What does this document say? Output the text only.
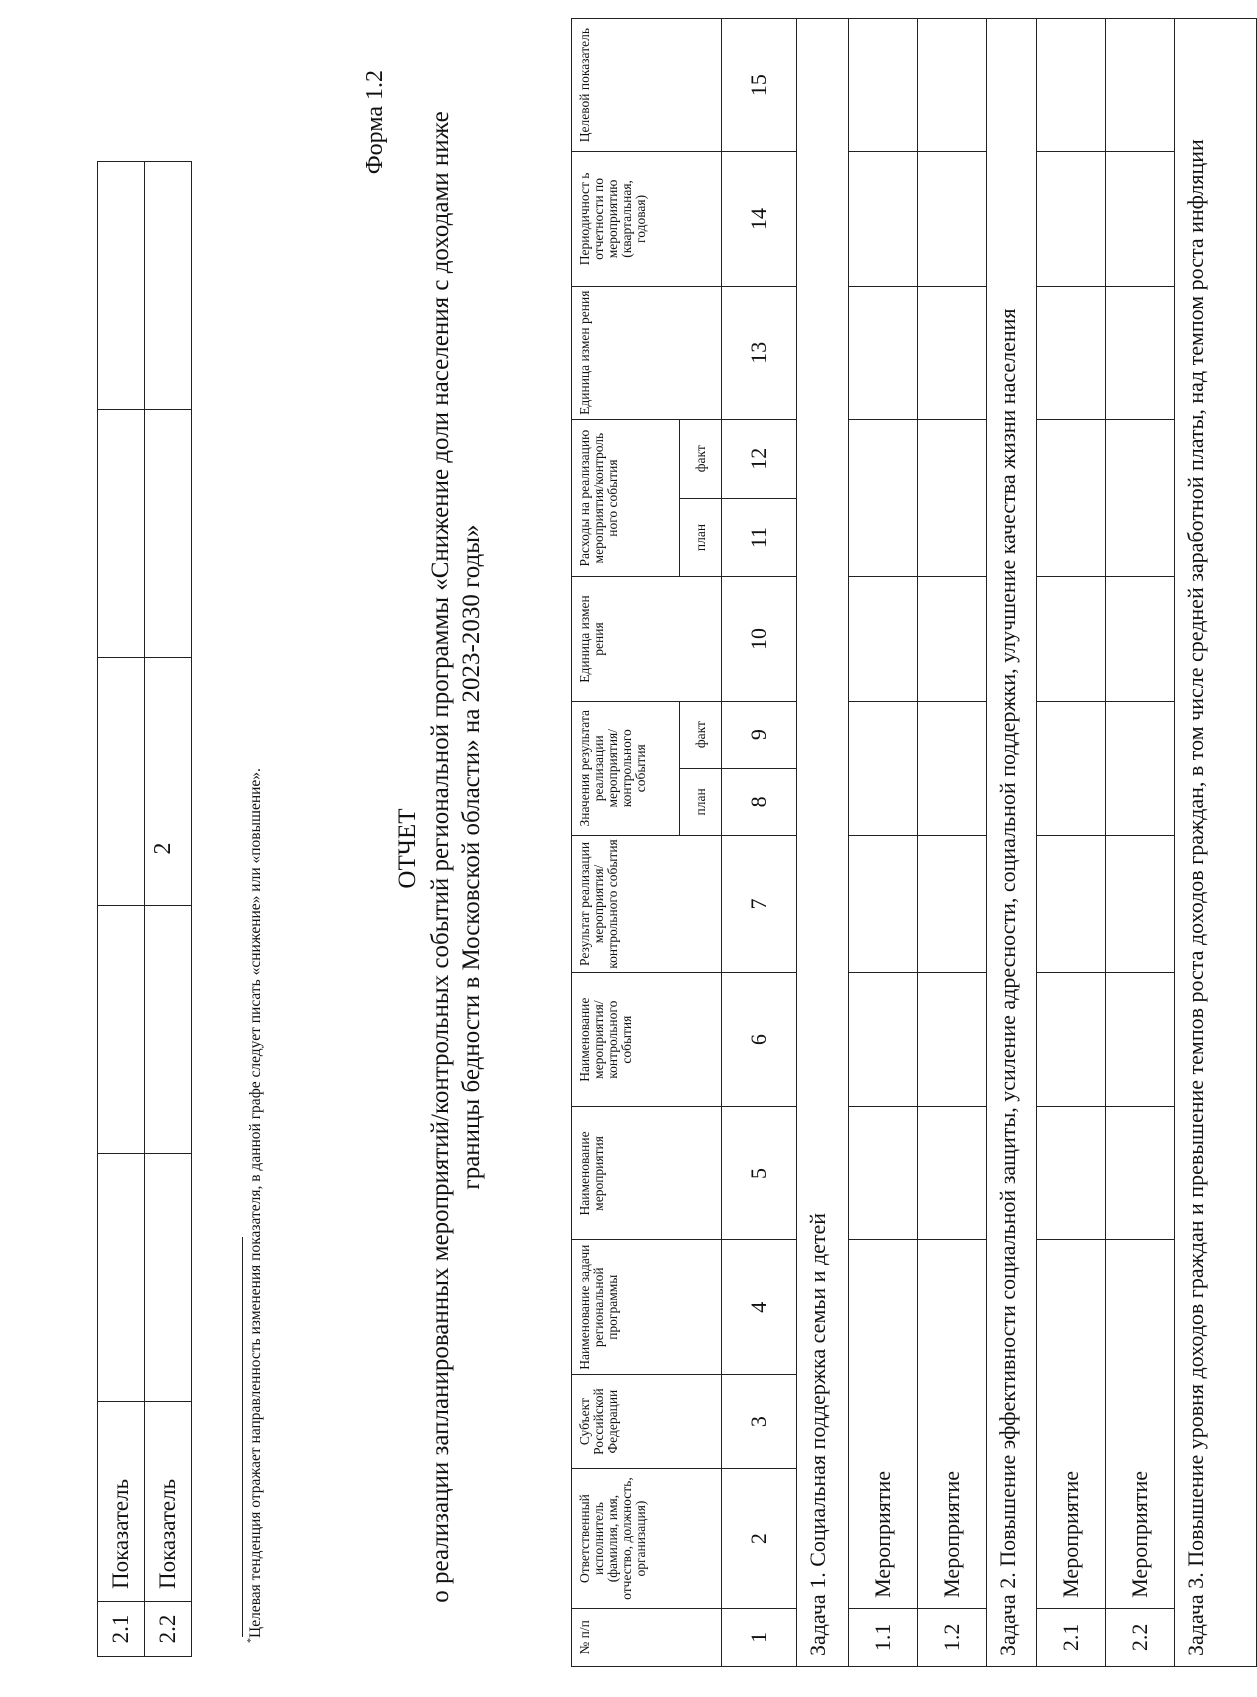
2
2.1	Показатель					
2.2	Показатель					
*Целевая тенденция отражает направленность изменения показателя, в данной графе следует писать «снижение» или «повышение».
Форма 1.2
ОТЧЕТ о реализации запланированных мероприятий/контрольных событий региональной программы «Снижение доли населения с доходами ниже границы бедности в Московской области» на 2023-2030 годы»
№ п/п	Ответственный исполнитель (фамилия, имя, отчество, должность, организация)	Субъект Российской Федерации	Наименование задачи региональной программы	Наименование мероприятия	Наименование мероприятия/ контрольного события	Результат реализации мероприятия/ контрольного события	Значения результата реализации мероприятия/ контрольного события		Единица измен рения	Расходы на реализацию мероприятия/контроль ного события		Единица измен рения	Периодичност ь отчетности по мероприятию (квартальная, годовая)	Целевой показатель
							план	факт		план	факт			
1	2	3	4	5	6	7	8	9	10	11	12	13	14	15
Задача 1. Социальная поддержка семьи и детей														
1.1	Мероприятие													
1.2	Мероприятие													
Задача 2. Повышение эффективности социальной защиты, усиление адресности, социальной поддержки, улучшение качества жизни населения														
2.1	Мероприятие													
2.2	Мероприятие													
Задача 3. Повышение уровня доходов граждан и превышение темпов роста доходов граждан, в том числе средней заработной платы, над темпом роста инфляции														
